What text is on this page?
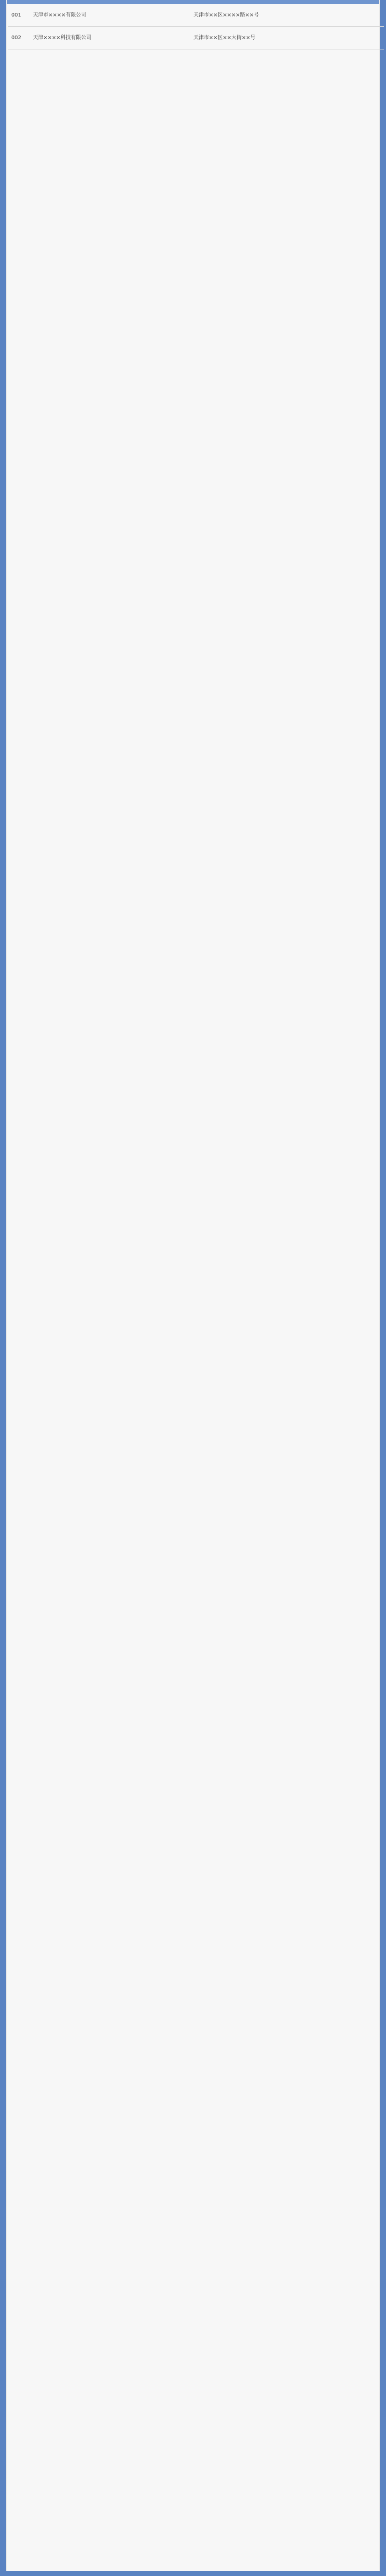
001	天津市××××有限公司	天津市××区××××路××号
002	天津××××科技有限公司	天津市××区××大街××号
